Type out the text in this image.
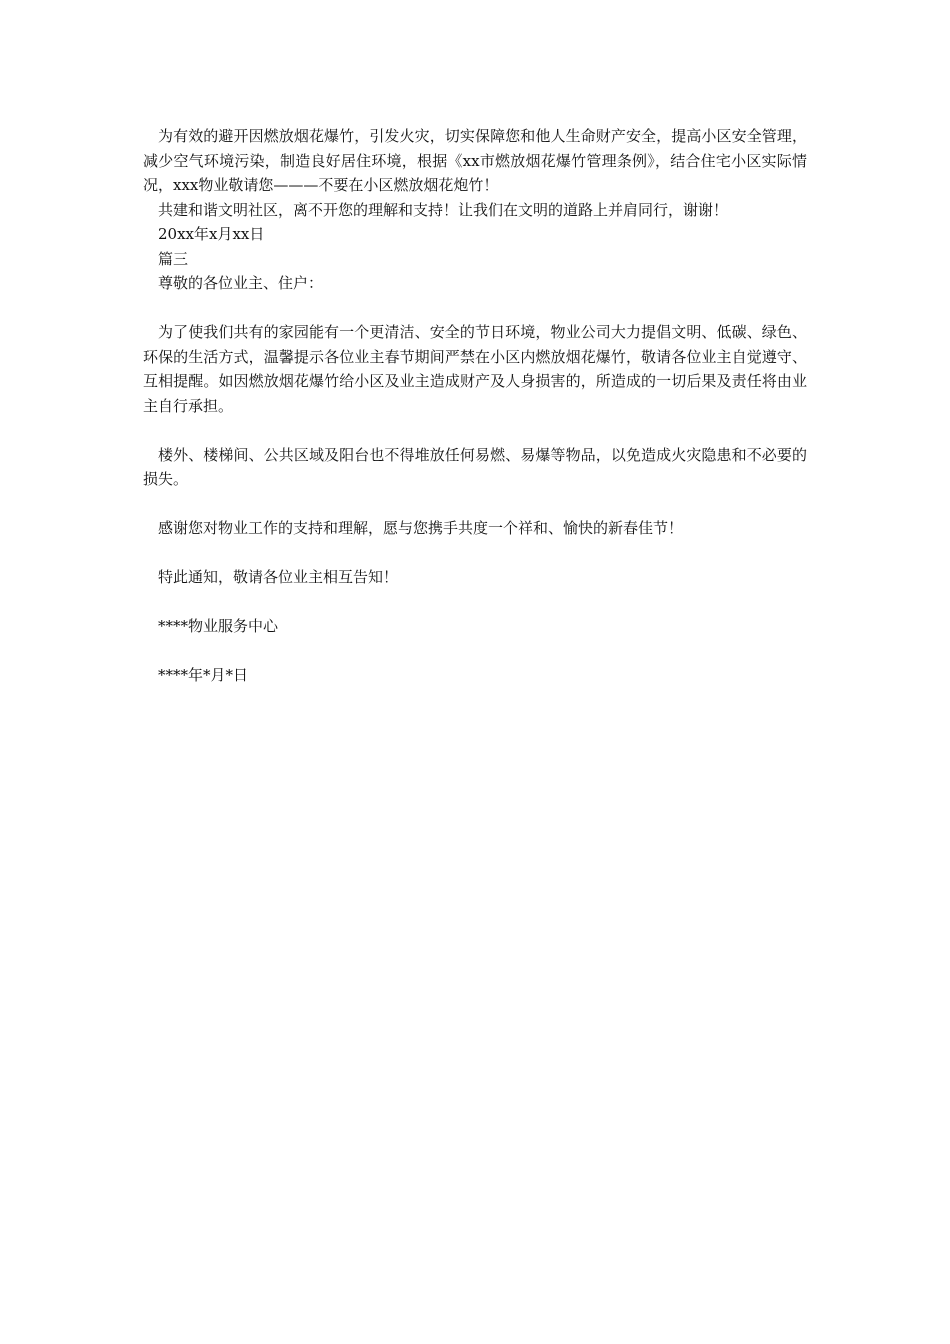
为有效的避开因燃放烟花爆竹，引发火灾，切实保障您和他人生命财产安全，提高小区安全管理，减少空气环境污染，制造良好居住环境，根据《xx市燃放烟花爆竹管理条例》，结合住宅小区实际情况，xxx物业敬请您———不要在小区燃放烟花炮竹！

共建和谐文明社区，离不开您的理解和支持！让我们在文明的道路上并肩同行，谢谢！

20xx年x月xx日

篇三

尊敬的各位业主、住户：

为了使我们共有的家园能有一个更清洁、安全的节日环境，物业公司大力提倡文明、低碳、绿色、环保的生活方式，温馨提示各位业主春节期间严禁在小区内燃放烟花爆竹，敬请各位业主自觉遵守、互相提醒。如因燃放烟花爆竹给小区及业主造成财产及人身损害的，所造成的一切后果及责任将由业主自行承担。

楼外、楼梯间、公共区域及阳台也不得堆放任何易燃、易爆等物品，以免造成火灾隐患和不必要的损失。

感谢您对物业工作的支持和理解，愿与您携手共度一个祥和、愉快的新春佳节！

特此通知，敬请各位业主相互告知！

****物业服务中心

****年*月*日
